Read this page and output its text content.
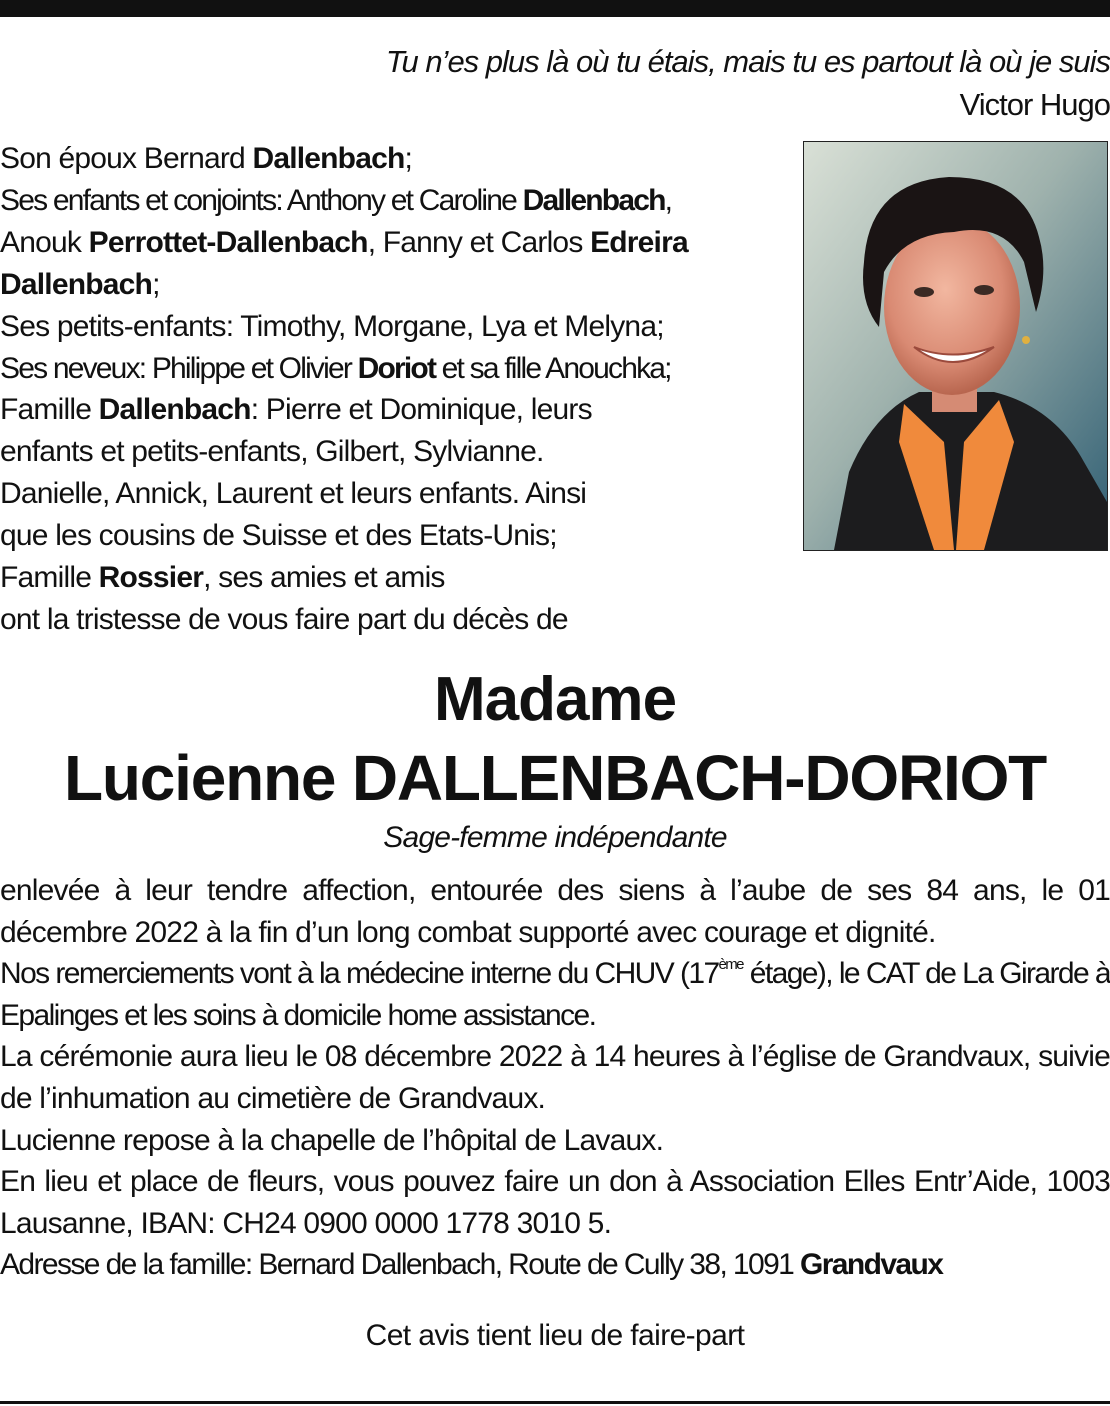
Tu n’es plus là où tu étais, mais tu es partout là où je suis
Victor Hugo
Son époux Bernard Dallenbach;
Ses enfants et conjoints: Anthony et Caroline Dallenbach,
Anouk Perrottet-Dallenbach, Fanny et Carlos Edreira
Dallenbach;
Ses petits-enfants: Timothy, Morgane, Lya et Melyna;
Ses neveux: Philippe et Olivier Doriot et sa fille Anouchka;
Famille Dallenbach: Pierre et Dominique, leurs
enfants et petits-enfants, Gilbert, Sylvianne.
Danielle, Annick, Laurent et leurs enfants. Ainsi
que les cousins de Suisse et des Etats-Unis;
Famille Rossier, ses amies et amis
ont la tristesse de vous faire part du décès de
Madame
Lucienne DALLENBACH-DORIOT
Sage-femme indépendante

enlevée à leur tendre affection, entourée des siens à l’aube de ses 84 ans, le 01 décembre 2022 à la fin d’un long combat supporté avec courage et dignité.

Nos remerciements vont à la médecine interne du CHUV (17ème étage), le CAT de La Girarde à Epalinges et les soins à domicile home assistance.

La cérémonie aura lieu le 08 décembre 2022 à 14 heures à l’église de Grandvaux, suivie de l’inhumation au cimetière de Grandvaux.

Lucienne repose à la chapelle de l’hôpital de Lavaux.

En lieu et place de fleurs, vous pouvez faire un don à Association Elles Entr’Aide, 1003 Lausanne, IBAN: CH24 0900 0000 1778 3010 5.

Adresse de la famille: Bernard Dallenbach, Route de Cully 38, 1091 Grandvaux

Cet avis tient lieu de faire-part
